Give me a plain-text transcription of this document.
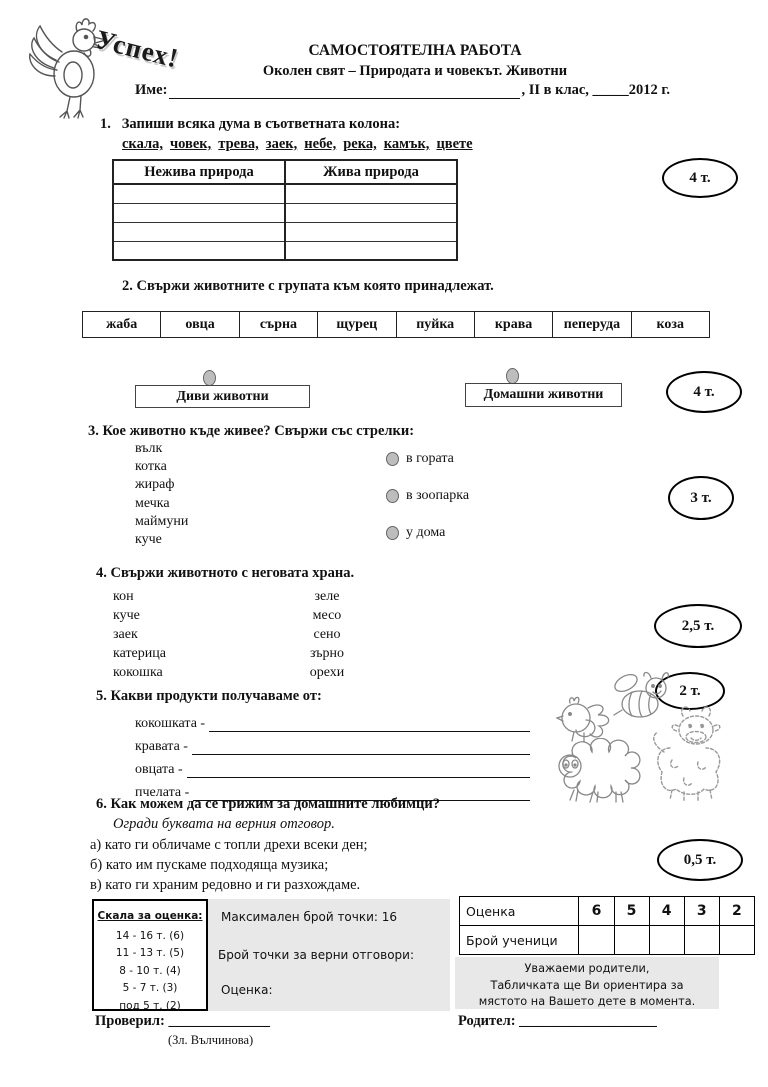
Успех!	САМОСТОЯТЕЛНА РАБОТА
Околен свят – Природата и човекът. Животни
Име:	, II в клас, _____2012 г.
1. Запиши всяка дума в съответната колона:
скала, човек, трева, заек, небе, река, камък, цвете
Нежива природа	Жива природа

		4 т.
2. Свържи животните с групата към която принадлежат.
жаба	овца	сърна	щурец	пуйка	крава	пеперуда	коза
Диви животни	Домашни животни	4 т.
3. Кое животно къде живее? Свържи със стрелки:
вълк
котка
жираф
мечка
маймуни
куче
в гората
в зоопарка
у дома
3 т.
4. Свържи животното с неговата храна.
кон
куче
заек
катерица
кокошка
зеле
месо
сено
зърно
орехи
2,5 т.
5. Какви продукти получаваме от:
кокошката -
кравата -
овцата -
пчелата -
2 т.
6. Как можем да се грижим за домашните любимци?
Огради буквата на верния отговор.
а) като ги обличаме с топли дрехи всеки ден;
б) като им пускаме подходяща музика;
в) като ги храним редовно и ги разхождаме.
0,5 т.
Скала за оценка:
14 - 16 т. (6)
11 - 13 т. (5)
8 - 10 т. (4)
5 - 7 т. (3)
под 5 т. (2)
Максимален брой точки: 16
Брой точки за верни отговори:
Оценка:
Оценка	6	5	4	3	2
Брой ученици					
Уважаеми родители,
Табличката ще Ви ориентира за
мястото на Вашето дете в момента.
Проверил: ______________
(Зл. Вълчинова)
Родител: ___________________
